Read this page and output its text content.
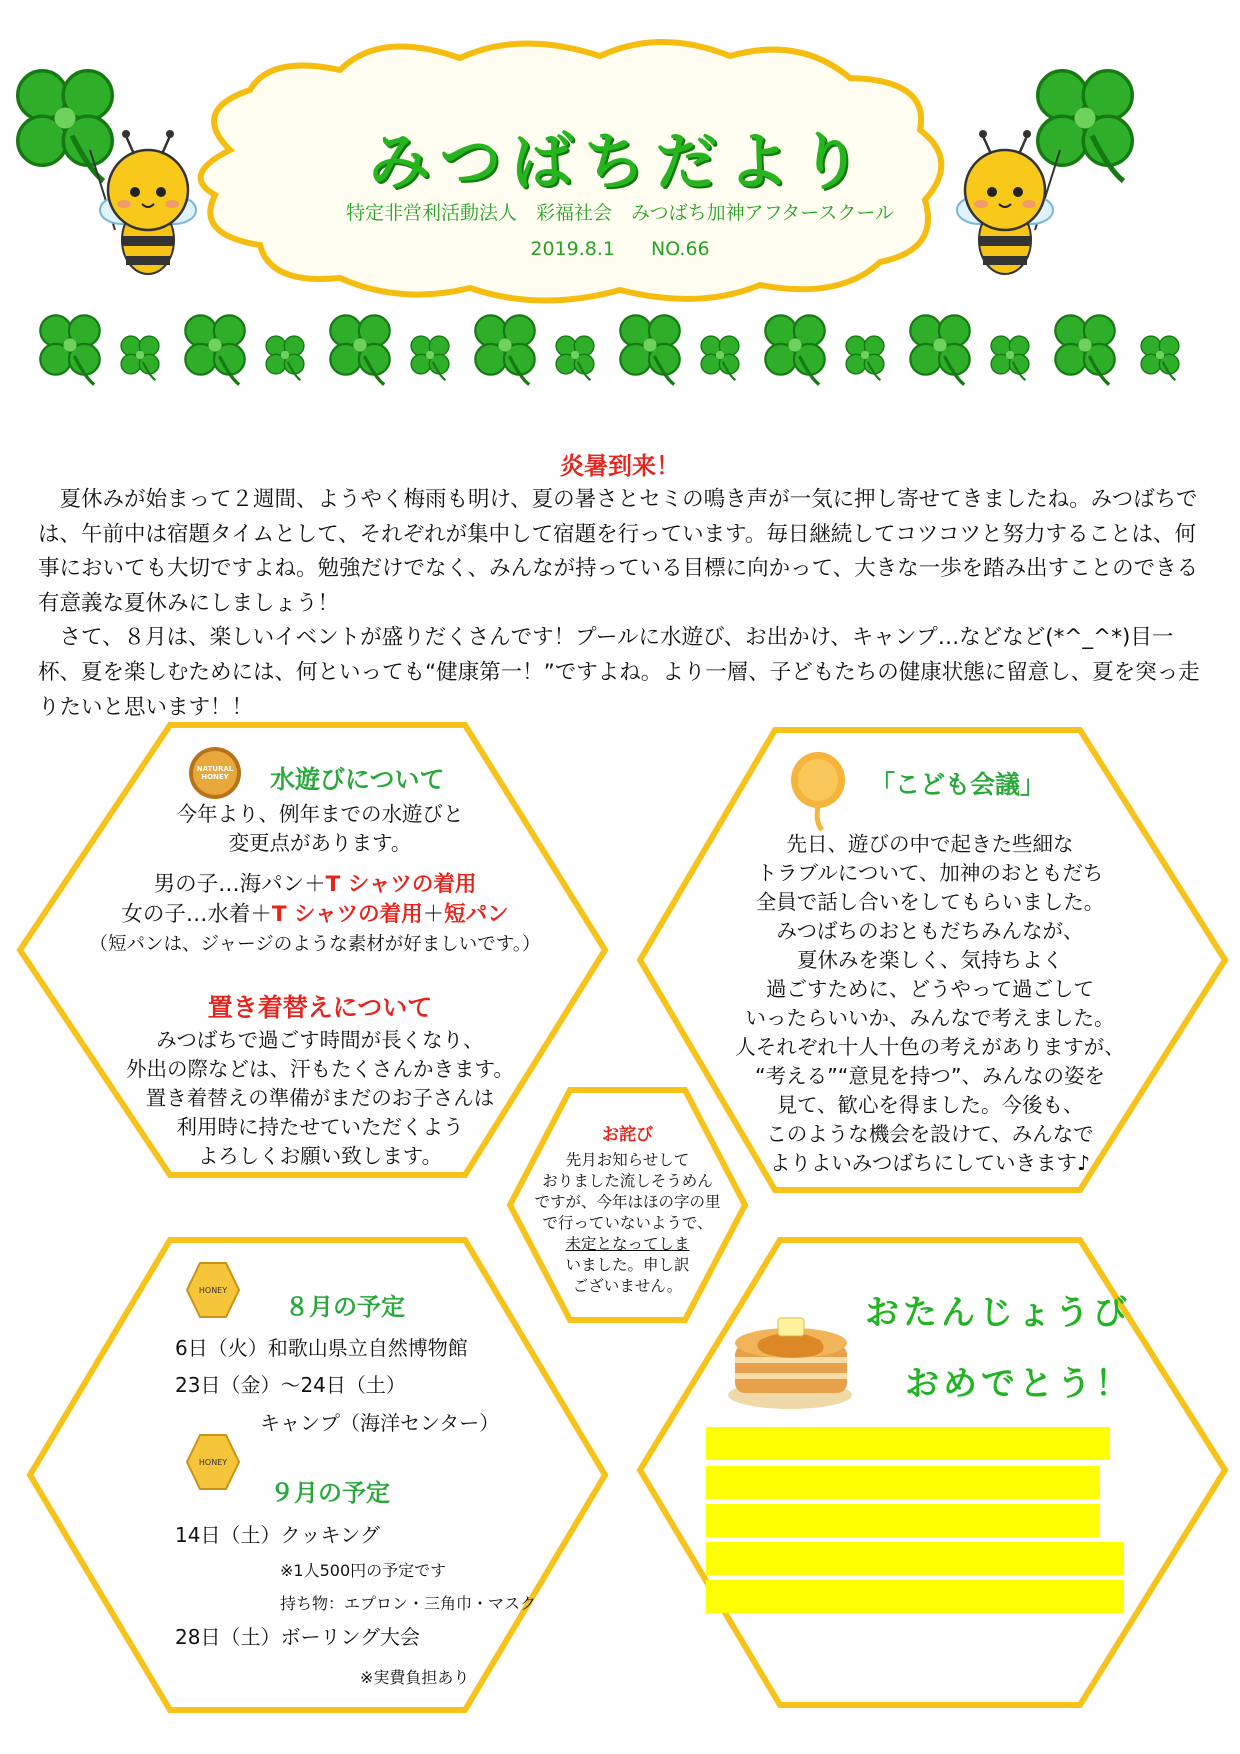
みつばちだより
特定非営利活動法人　彩福社会　みつばち加神アフタースクール
2019.8.1 NO.66
炎暑到来！

　夏休みが始まって２週間、ようやく梅雨も明け、夏の暑さとセミの鳴き声が一気に押し寄せてきましたね。みつばちでは、午前中は宿題タイムとして、それぞれが集中して宿題を行っています。毎日継続してコツコツと努力することは、何事においても大切ですよね。勉強だけでなく、みんなが持っている目標に向かって、大きな一歩を踏み出すことのできる有意義な夏休みにしましょう！

　さて、８月は、楽しいイベントが盛りだくさんです！プールに水遊び、お出かけ、キャンプ…などなど(*^_^*)目一杯、夏を楽しむためには、何といっても“健康第一！”ですよね。より一層、子どもたちの健康状態に留意し、夏を突っ走りたいと思います！！

NATURAL HONEY
HONEY
HONEY
水遊びについて
今年より、例年までの水遊びと
変更点があります。
男の子…海パン＋T シャツの着用
女の子…水着＋T シャツの着用＋短パン
（短パンは、ジャージのような素材が好ましいです。）
置き着替えについて
みつばちで過ごす時間が長くなり、
外出の際などは、汗もたくさんかきます。
置き着替えの準備がまだのお子さんは
利用時に持たせていただくよう
よろしくお願い致します。
「こども会議」
先日、遊びの中で起きた些細な
トラブルについて、加神のおともだち
全員で話し合いをしてもらいました。
みつばちのおともだちみんなが、
夏休みを楽しく、気持ちよく
過ごすために、どうやって過ごして
いったらいいか、みんなで考えました。
人それぞれ十人十色の考えがありますが、
“考える”“意見を持つ”、みんなの姿を
見て、歓心を得ました。今後も、
このような機会を設けて、みんなで
よりよいみつばちにしていきます♪
お詫び
先月お知らせして
おりました流しそうめん
ですが、今年はほの字の里
で行っていないようで、
未定となってしま
いました。申し訳
ございません。
８月の予定
6日（火）和歌山県立自然博物館
23日（金）～24日（土）
キャンプ（海洋センター）
９月の予定
14日（土）クッキング
※1人500円の予定です
持ち物：エプロン・三角巾・マスク
28日（土）ボーリング大会
※実費負担あり
おたんじょうび
おめでとう！
